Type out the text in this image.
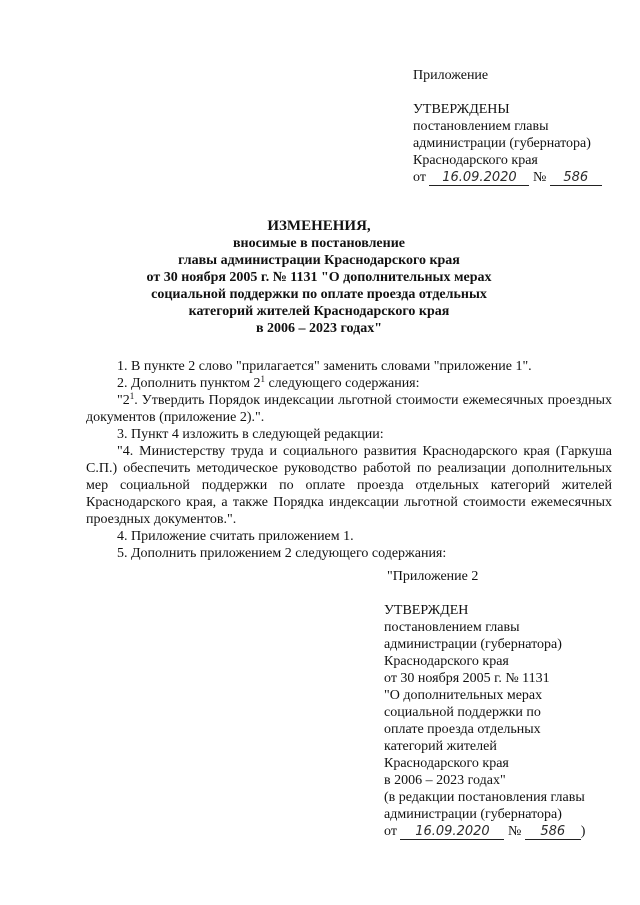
Приложение
УТВЕРЖДЕНЫ
постановлением главы
администрации (губернатора)
Краснодарского края
от 16.09.2020 № 586
ИЗМЕНЕНИЯ,
вносимые в постановление
главы администрации Краснодарского края
от 30 ноября 2005 г. № 1131 "О дополнительных мерах
социальной поддержки по оплате проезда отдельных
категорий жителей Краснодарского края
в 2006 – 2023 годах"
1. В пункте 2 слово "прилагается" заменить словами "приложение 1".
2. Дополнить пунктом $2^1$ следующего содержания:
"$2^1$. Утвердить Порядок индексации льготной стоимости ежемесячных проездных документов (приложение 2).".
3. Пункт 4 изложить в следующей редакции:
"4. Министерству труда и социального развития Краснодарского края (Гаркуша С.П.) обеспечить методическое руководство работой по реализации дополнительных мер социальной поддержки по оплате проезда отдельных категорий жителей Краснодарского края, а также Порядка индексации льготной стоимости ежемесячных проездных документов.".
4. Приложение считать приложением 1.
5. Дополнить приложением 2 следующего содержания:
"Приложение 2
УТВЕРЖДЕН
постановлением главы
администрации (губернатора)
Краснодарского края
от 30 ноября 2005 г. № 1131
"О дополнительных мерах
социальной поддержки по
оплате проезда отдельных
категорий жителей
Краснодарского края
в 2006 – 2023 годах"
(в редакции постановления главы
администрации (губернатора)
от 16.09.2020 № 586 )
